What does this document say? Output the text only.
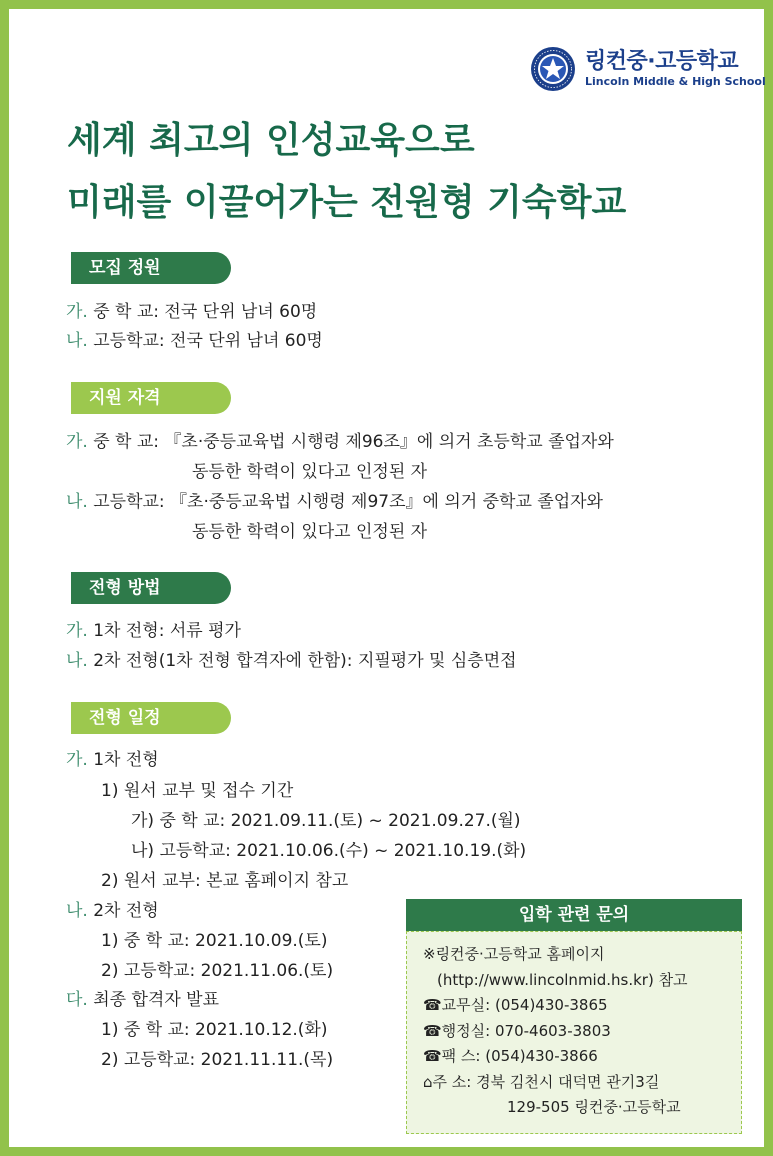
링컨중·고등학교
Lincoln Middle & High School
세계 최고의 인성교육으로
미래를 이끌어가는 전원형 기숙학교
모집 정원
가. 중 학 교: 전국 단위 남녀 60명
나. 고등학교: 전국 단위 남녀 60명
지원 자격
가. 중 학 교: 『초·중등교육법 시행령 제96조』에 의거 초등학교 졸업자와
동등한 학력이 있다고 인정된 자
나. 고등학교: 『초·중등교육법 시행령 제97조』에 의거 중학교 졸업자와
동등한 학력이 있다고 인정된 자
전형 방법
가. 1차 전형: 서류 평가
나. 2차 전형(1차 전형 합격자에 한함): 지필평가 및 심층면접
전형 일정
가. 1차 전형
1) 원서 교부 및 접수 기간
가) 중 학 교: 2021.09.11.(토) ~ 2021.09.27.(월)
나) 고등학교: 2021.10.06.(수) ~ 2021.10.19.(화)
2) 원서 교부: 본교 홈페이지 참고
나. 2차 전형
1) 중 학 교: 2021.10.09.(토)
2) 고등학교: 2021.11.06.(토)
다. 최종 합격자 발표
1) 중 학 교: 2021.10.12.(화)
2) 고등학교: 2021.11.11.(목)
입학 관련 문의
※링컨중·고등학교 홈페이지
(http://www.lincolnmid.hs.kr) 참고
☎교무실: (054)430-3865
☎행정실: 070-4603-3803
☎팩 스: (054)430-3866
⌂주 소: 경북 김천시 대덕면 관기3길
129-505 링컨중·고등학교
